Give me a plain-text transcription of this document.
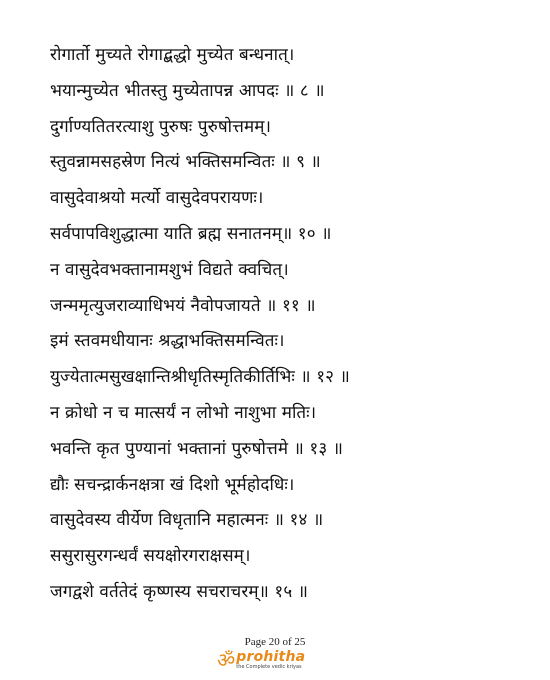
रोगार्तो मुच्यते रोगाद्बद्धो मुच्येत बन्धनात्।
भयान्मुच्येत भीतस्तु मुच्येतापन्न आपदः ॥ ८ ॥
दुर्गाण्यतितरत्याशु पुरुषः पुरुषोत्तमम्।
स्तुवन्नामसहस्रेण नित्यं भक्तिसमन्वितः ॥ ९ ॥
वासुदेवाश्रयो मर्त्यो वासुदेवपरायणः।
सर्वपापविशुद्धात्मा याति ब्रह्म सनातनम्॥ १० ॥
न वासुदेवभक्तानामशुभं विद्यते क्वचित्।
जन्ममृत्युजराव्याधिभयं नैवोपजायते ॥ ११ ॥
इमं स्तवमधीयानः श्रद्धाभक्तिसमन्वितः।
युज्येतात्मसुखक्षान्तिश्रीधृतिस्मृतिकीर्तिभिः ॥ १२ ॥
न क्रोधो न च मात्सर्यं न लोभो नाशुभा मतिः।
भवन्ति कृत पुण्यानां भक्तानां पुरुषोत्तमे ॥ १३ ॥
द्यौः सचन्द्रार्कनक्षत्रा खं दिशो भूर्महोदधिः।
वासुदेवस्य वीर्येण विधृतानि महात्मनः ॥ १४ ॥
ससुरासुरगन्धर्वं सयक्षोरगराक्षसम्।
जगद्वशे वर्ततेदं कृष्णस्य सचराचरम्॥ १५ ॥
Page 20 of 25
ॐ prohitha
the Complete vedic kriyas
